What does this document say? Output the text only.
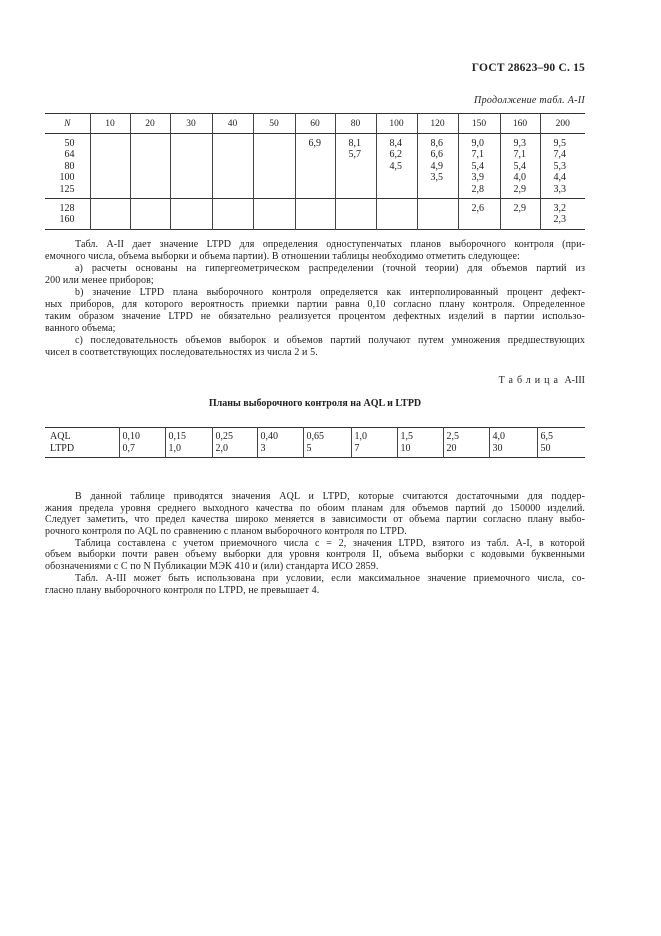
ГОСТ 28623–90 С. 15
Продолжение табл. А-II
N	10	20	30	40	50	60	80	100	120	150	160	200
50						6,9	8,1	8,4	8,6	9,0	9,3	9,5
64							5,7	6,2	6,6	7,1	7,1	7,4
80								4,5	4,9	5,4	5,4	5,3
100									3,5	3,9	4,0	4,4
125										2,8	2,9	3,3
128										2,6	2,9	3,2
160												2,3
Табл. А-II дает значение LTPD для определения одноступенчатых планов выборочного контроля (при-
емочного числа, объема выборки и объема партии). В отношении таблицы необходимо отметить следующее:
а) расчеты основаны на гипергеометрическом распределении (точной теории) для объемов партий из
200 или менее приборов;
b) значение LTPD плана выборочного контроля определяется как интерполированный процент дефект-
ных приборов, для которого вероятность приемки партии равна 0,10 согласно плану контроля. Определенное
таким образом значение LTPD не обязательно реализуется процентом дефектных изделий в партии использо-
ванного объема;
с) последовательность объемов выборок и объемов партий получают путем умножения предшествующих
чисел в соответствующих последовательностях из числа 2 и 5.
Таблица А-III
Планы выборочного контроля на AQL и LTPD
AQL	0,10	0,15	0,25	0,40	0,65	1,0	1,5	2,5	4,0	6,5
LTPD	0,7	1,0	2,0	3	5	7	10	20	30	50
В данной таблице приводятся значения AQL и LTPD, которые считаются достаточными для поддер-
жания предела уровня среднего выходного качества по обоим планам для объемов партий до 150000 изделий.
Следует заметить, что предел качества широко меняется в зависимости от объема партии согласно плану выбо-
рочного контроля по AQL по сравнению с планом выборочного контроля по LTPD.
Таблица составлена с учетом приемочного числа с = 2, значения LTPD, взятого из табл. А-I, в которой
объем выборки почти равен объему выборки для уровня контроля II, объема выборки с кодовыми буквенными
обозначениями с С по N Публикации МЭК 410 и (или) стандарта ИСО 2859.
Табл. А-III может быть использована при условии, если максимальное значение приемочного числа, со-
гласно плану выборочного контроля по LTPD, не превышает 4.
